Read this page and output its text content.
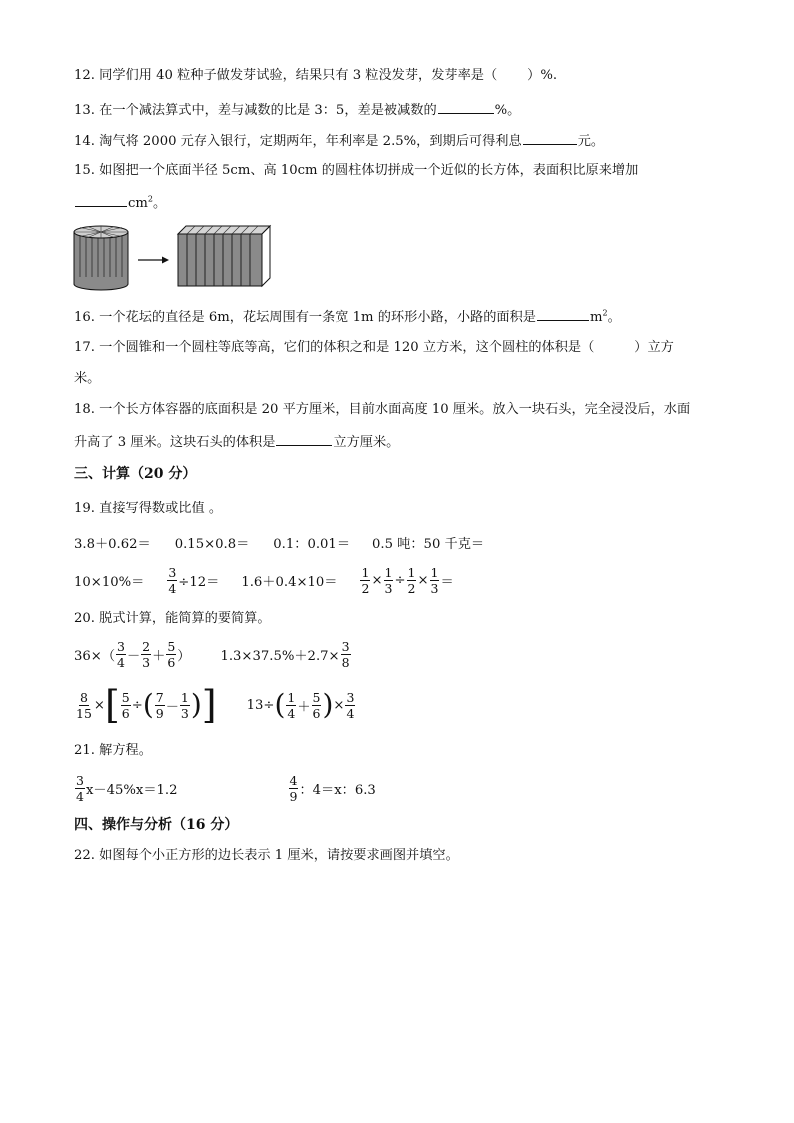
12. 同学们用 40 粒种子做发芽试验，结果只有 3 粒没发芽，发芽率是（ ）%.
13. 在一个减法算式中，差与减数的比是 3：5，差是被减数的	%。
14. 淘气将 2000 元存入银行，定期两年，年利率是 2.5%，到期后可得利息	元。
15. 如图把一个底面半径 5cm、高 10cm 的圆柱体切拼成一个近似的长方体，表面积比原来增加
$cm^2$。
16. 一个花坛的直径是 6m，花坛周围有一条宽 1m 的环形小路，小路的面积是	$m^2$。
17. 一个圆锥和一个圆柱等底等高，它们的体积之和是 120 立方米，这个圆柱的体积是（	）立方
米。
18. 一个长方体容器的底面积是 20 平方厘米，目前水面高度 10 厘米。放入一块石头，完全浸没后，水面
升高了 3 厘米。这块石头的体积是	立方厘米。
三、计算（20 分）
19. 直接写得数或比值 。
3.8＋0.62＝ 0.15×0.8＝ 0.1：0.01＝ 0.5 吨：50 千克＝
$10\times 10\%= \frac{3}{4} \div 12= 1.6+0.4\times 10= \frac{1}{2} \times \frac{1}{3} \div \frac{1}{2} \times \frac{1}{3}$ ＝
20. 脱式计算，能简算的要简算。
$36\times( \frac{3}{4} - \frac{2}{3} + \frac{5}{6}$ ） $1.3\times 37.5\%+2.7\times \frac{3}{8}$
$\frac{8}{15}$ × [ $\frac{5}{6}$ ÷ ( $\frac{7}{9} - \frac{1}{3}$ ) ] 13÷ ( $\frac{1}{4} + \frac{5}{6}$ ) × $\frac{3}{4}$
21. 解方程。
$\frac{3}{4} x-45\%x=1.2$	$\frac{4}{9}$ ：4＝x：6.3
四、操作与分析（16 分）
22. 如图每个小正方形的边长表示 1 厘米，请按要求画图并填空。
